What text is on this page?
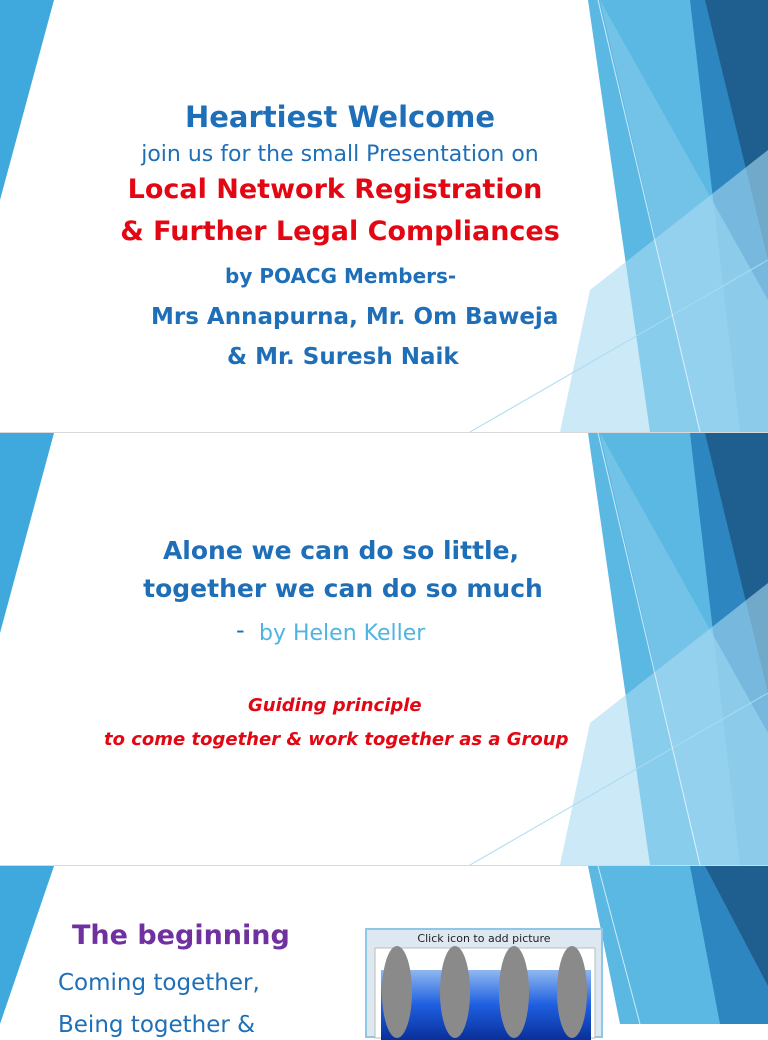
Heartiest Welcome
join us for the small Presentation on
Local Network Registration
& Further Legal Compliances
by POACG Members-
Mrs Annapurna, Mr. Om Baweja
& Mr. Suresh Naik
Alone we can do so little,
together we can do so much
- by Helen Keller
Guiding principle
to come together & work together as a Group
The beginning
Coming together,
Being together &
Click icon to add picture
